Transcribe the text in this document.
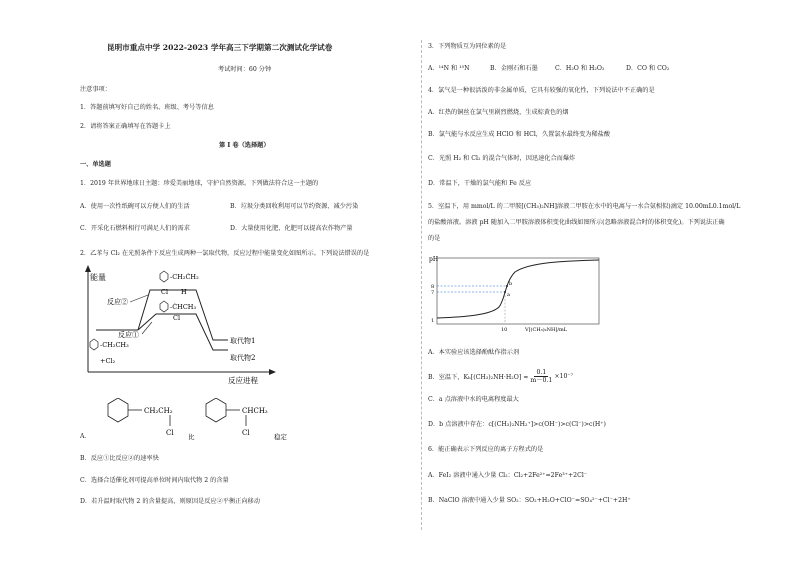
昆明市重点中学 2022-2023 学年高三下学期第二次测试化学试卷
考试时间：60 分钟
注意事项：
1．答题前填写好自己的姓名、班级、考号等信息
2．请将答案正确填写在答题卡上
第 I 卷（选择题）
一、单选题
1．2019 年世界地球日主题：珍爱美丽地球，守护自然资源。下列做法符合这一主题的
A．使用一次性纸碗可以方便人们的生活	B．垃圾分类回收利用可以节约资源、减少污染
C．开采化石燃料相行可满足人们的需求	D．大量使用化肥、化肥可以提高农作物产量
2．乙苯与 Cl₂ 在光照条件下反应生成两种一氯取代物，反应过程中能量变化如图所示。下列说法错误的是
能量
反应进程
-CH₂ĊH₂
Cl H
-ĊHCH₃
Cl
反应②
反应①
-CH₂CH₃
+Cl₂
取代物1
取代物2
A．
CH₂CH₂
Cl 比
CHCH₃
Cl	稳定
B．反应①比反应②的速率快
C．选择合适催化剂可提高单位时间内取代物 2 的含量
D．若升温时取代物 2 的含量提高，则原因是反应②平衡正向移动
3．下列物质互为同位素的是
A．¹⁴N 和 ¹⁵N	B．金刚石和石墨	C．H₂O 和 H₂O₂	D．CO 和 CO₂
4．氯气是一种很活泼的非金属单质，它具有较强的氧化性，下列说法中不正确的是
A．红热的铜丝在氯气里剧烈燃烧，生成棕黄色的烟
B．氯气能与水反应生成 HClO 和 HCl，久置氯水最终变为稀盐酸
C．光照 H₂ 和 Cl₂ 的混合气体时，因迅速化合而爆炸
D．常温下，干燥的氯气能和 Fe 反应
5．室温下，用 mmol/L 的二甲胺[(CH₃)₂NH]溶液二甲胺在水中的电离与一水合氨相似)滴定 10.00mL0.1mol/L
的盐酸溶液。溶液 pH 随加入二甲胺溶液体积变化曲线如图所示(忽略溶液混合时的体积变化)。下列说法正确
的是
pH
8
7
1
a
b
10	V[(CH₃)₂NH]/mL
A．本实验应该选择酚酞作指示剂
B．室温下，$K_h[(CH_3)_2NH\cdot H_2O] \approx \frac{0.1}{m-0.1} \times 10^{-7}$
C．a 点溶液中水的电离程度最大
D．b 点溶液中存在：c[(CH₃)₂NH₂⁺]>c(OH⁻)>c(Cl⁻)>c(H⁺)
6．能正确表示下列反应的离子方程式的是
A．FeI₂ 溶液中通入少量 Cl₂：Cl₂+2Fe²⁺=2Fe³⁺+2Cl⁻
B．NaClO 溶液中通入少量 SO₂：SO₂+H₂O+ClO⁻=SO₄²⁻+Cl⁻+2H⁺
